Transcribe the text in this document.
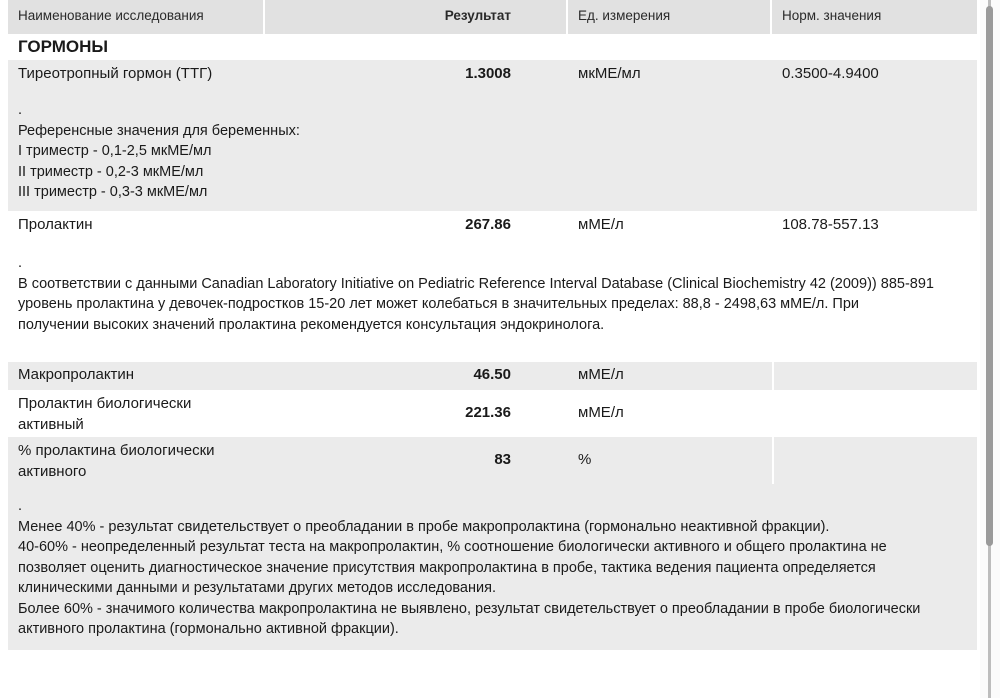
Наименование исследования	Результат	Ед. измерения	Норм. значения
ГОРМОНЫ
Тиреотропный гормон (ТТГ)	1.3008	мкМЕ/мл	0.3500-4.9400
.
Референсные значения для беременных:
I триместр - 0,1-2,5 мкМЕ/мл
II триместр - 0,2-3 мкМЕ/мл
III триместр - 0,3-3 мкМЕ/мл
Пролактин	267.86	мМЕ/л	108.78-557.13
.
В соответствии с данными Canadian Laboratory Initiative on Pediatric Reference Interval Database (Clinical Biochemistry 42 (2009)) 885-891
уровень пролактина у девочек-подростков 15-20 лет может колебаться в значительных пределах: 88,8 - 2498,63 мМЕ/л. При
получении высоких значений пролактина рекомендуется консультация эндокринолога.
Макропролактин	46.50	мМЕ/л
Пролактин биологически
активный
221.36	мМЕ/л
% пролактина биологически
активного
83	%
.
Менее 40% - результат свидетельствует о преобладании в пробе макропролактина (гормонально неактивной фракции).
40-60% - неопределенный результат теста на макропролактин, % соотношение биологически активного и общего пролактина не
позволяет оценить диагностическое значение присутствия макропролактина в пробе, тактика ведения пациента определяется
клиническими данными и результатами других методов исследования.
Более 60% - значимого количества макропролактина не выявлено, результат свидетельствует о преобладании в пробе биологически
активного пролактина (гормонально активной фракции).
